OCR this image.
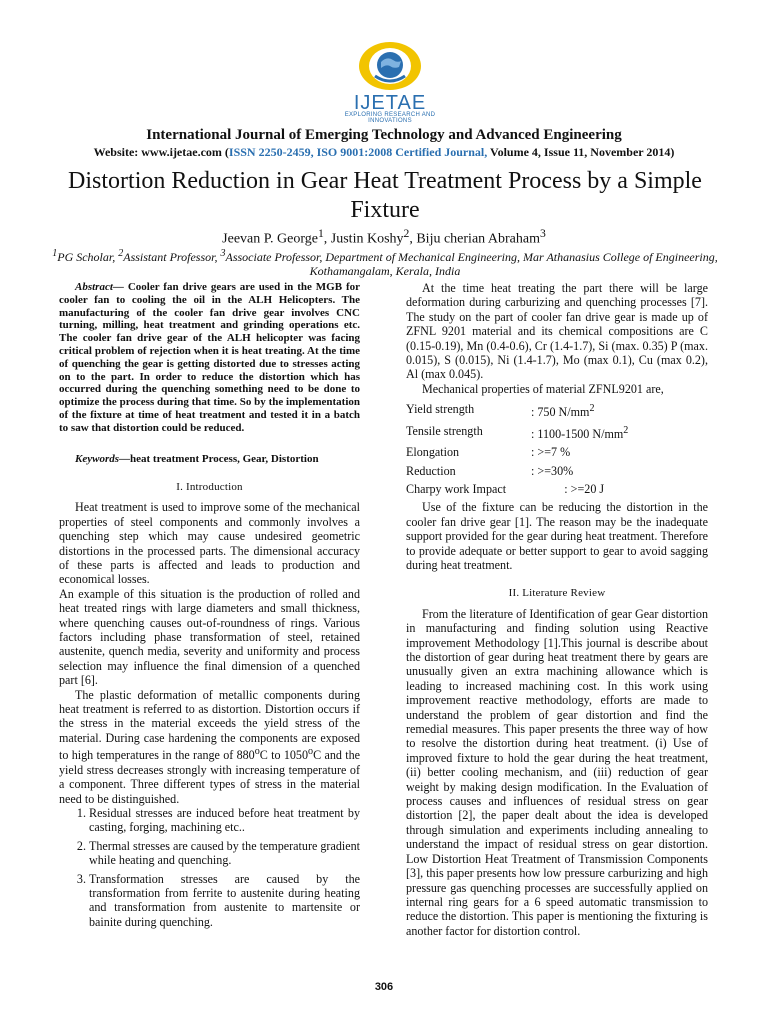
IJETAE
EXPLORING RESEARCH AND INNOVATIONS
International Journal of Emerging Technology and Advanced Engineering
Website: www.ijetae.com (ISSN 2250-2459, ISO 9001:2008 Certified Journal, Volume 4, Issue 11, November 2014)
Distortion Reduction in Gear Heat Treatment Process by a Simple Fixture
Jeevan P. George$^1$, Justin Koshy$^2$, Biju cherian Abraham$^3$
$^1$PG Scholar, $^2$Assistant Professor, $^3$Associate Professor, Department of Mechanical Engineering, Mar Athanasius College of Engineering, Kothamangalam, Kerala, India

Abstract— Cooler fan drive gears are used in the MGB for cooler fan to cooling the oil in the ALH Helicopters. The manufacturing of the cooler fan drive gear involves CNC turning, milling, heat treatment and grinding operations etc. The cooler fan drive gear of the ALH helicopter was facing critical problem of rejection when it is heat treating. At the time of quenching the gear is getting distorted due to stresses acting on to the part. In order to reduce the distortion which has occurred during the quenching something need to be done to optimize the process during that time. So by the implementation of the fixture at time of heat treatment and tested it in a batch to saw that distortion could be reduced.

Keywords—heat treatment Process, Gear, Distortion

I. Introduction

Heat treatment is used to improve some of the mechanical properties of steel components and commonly involves a quenching step which may cause undesired geometric distortions in the processed parts. The dimensional accuracy of these parts is affected and leads to production and economical losses.

An example of this situation is the production of rolled and heat treated rings with large diameters and small thickness, where quenching causes out-of-roundness of rings. Various factors including phase transformation of steel, retained austenite, quench media, severity and uniformity and process selection may influence the final dimension of a quenched part [6].

The plastic deformation of metallic components during heat treatment is referred to as distortion. Distortion occurs if the stress in the material exceeds the yield stress of the material. During case hardening the components are exposed to high temperatures in the range of 880$^o$C to 1050$^o$C and the yield stress decreases strongly with increasing temperature of a component. Three different types of stress in the material need to be distinguished.

1. Residual stresses are induced before heat treatment by casting, forging, machining etc..
2. Thermal stresses are caused by the temperature gradient while heating and quenching.
3. Transformation stresses are caused by the transformation from ferrite to austenite during heating and transformation from austenite to martensite or bainite during quenching.

At the time heat treating the part there will be large deformation during carburizing and quenching processes [7]. The study on the part of cooler fan drive gear is made up of ZFNL 9201 material and its chemical compositions are C (0.15-0.19), Mn (0.4-0.6), Cr (1.4-1.7), Si (max. 0.35) P (max. 0.015), S (0.015), Ni (1.4-1.7), Mo (max 0.1), Cu (max 0.2), Al (max 0.045).

Mechanical properties of material ZFNL9201 are,

Yield strength	: 750 $N/mm^2$
Tensile strength	: 1100-1500 $N/mm^2$
Elongation	: >=7 %
Reduction	: >=30%
Charpy work Impact	: >=20 J

Use of the fixture can be reducing the distortion in the cooler fan drive gear [1]. The reason may be the inadequate support provided for the gear during heat treatment. Therefore to provide adequate or better support to gear to avoid sagging during heat treatment.

II. Literature Review

From the literature of Identification of gear Gear distortion in manufacturing and finding solution using Reactive improvement Methodology [1].This journal is describe about the distortion of gear during heat treatment there by gears are unusually given an extra machining allowance which is leading to increased machining cost. In this work using improvement reactive methodology, efforts are made to understand the problem of gear distortion and find the remedial measures. This paper presents the three way of how to resolve the distortion during heat treatment. (i) Use of improved fixture to hold the gear during the heat treatment, (ii) better cooling mechanism, and (iii) reduction of gear weight by making design modification. In the Evaluation of process causes and influences of residual stress on gear distortion [2], the paper dealt about the idea is developed through simulation and experiments including annealing to understand the impact of residual stress on gear distortion. Low Distortion Heat Treatment of Transmission Components [3], this paper presents how low pressure carburizing and high pressure gas quenching processes are successfully applied on internal ring gears for a 6 speed automatic transmission to reduce the distortion. This paper is mentioning the fixturing is another factor for distortion control.

306
